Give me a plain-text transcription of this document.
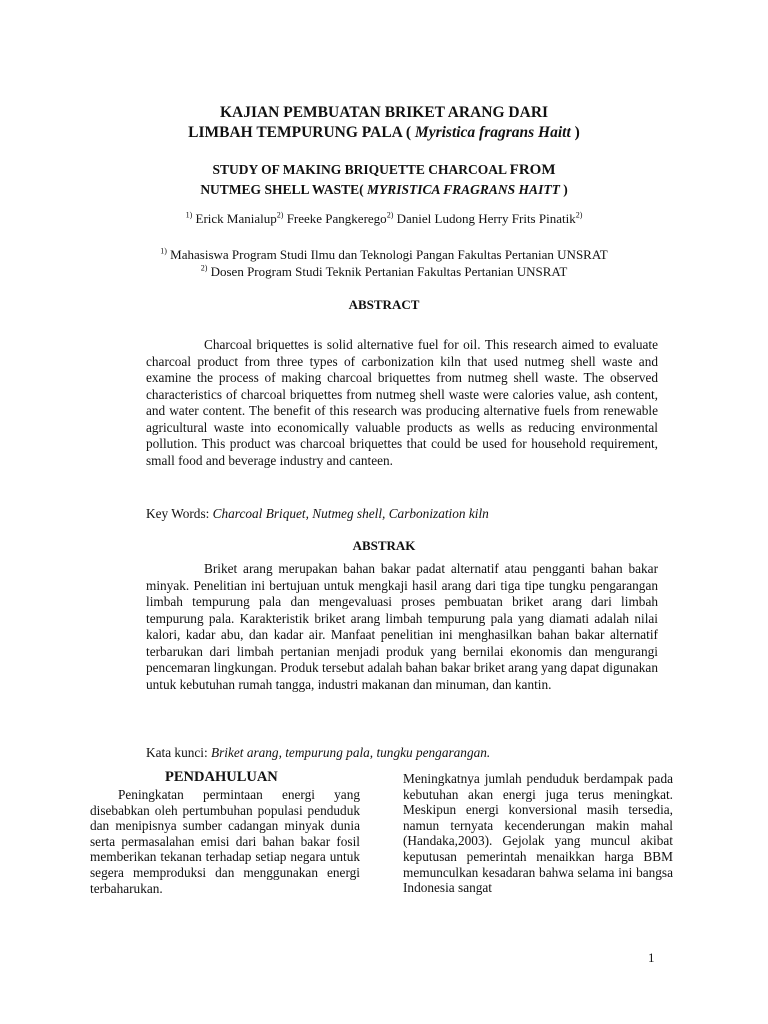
KAJIAN PEMBUATAN BRIKET ARANG DARI
LIMBAH TEMPURUNG PALA ( Myristica fragrans Haitt )
STUDY OF MAKING BRIQUETTE CHARCOAL FROM
NUTMEG SHELL WASTE( MYRISTICA FRAGRANS HAITT )
$^{1)}$ Erick Manialup$^{2)}$ Freeke Pangkerego$^{2)}$ Daniel Ludong Herry Frits Pinatik$^{2)}$
$^{1)}$ Mahasiswa Program Studi Ilmu dan Teknologi Pangan Fakultas Pertanian UNSRAT
$^{2)}$ Dosen Program Studi Teknik Pertanian Fakultas Pertanian UNSRAT
ABSTRACT

Charcoal briquettes is solid alternative fuel for oil. This research aimed to evaluate charcoal product from three types of carbonization kiln that used nutmeg shell waste and examine the process of making charcoal briquettes from nutmeg shell waste. The observed characteristics of charcoal briquettes from nutmeg shell waste were calories value, ash content, and water content. The benefit of this research was producing alternative fuels from renewable agricultural waste into economically valuable products as wells as reducing environmental pollution. This product was charcoal briquettes that could be used for household requirement, small food and beverage industry and canteen.

Key Words: Charcoal Briquet, Nutmeg shell, Carbonization kiln
ABSTRAK

Briket arang merupakan bahan bakar padat alternatif atau pengganti bahan bakar minyak. Penelitian ini bertujuan untuk mengkaji hasil arang dari tiga tipe tungku pengarangan limbah tempurung pala dan mengevaluasi proses pembuatan briket arang dari limbah tempurung pala. Karakteristik briket arang limbah tempurung pala yang diamati adalah nilai kalori, kadar abu, dan kadar air. Manfaat penelitian ini menghasilkan bahan bakar alternatif terbarukan dari limbah pertanian menjadi produk yang bernilai ekonomis dan mengurangi pencemaran lingkungan. Produk tersebut adalah bahan bakar briket arang yang dapat digunakan untuk kebutuhan rumah tangga, industri makanan dan minuman, dan kantin.

Kata kunci: Briket arang, tempurung pala, tungku pengarangan.
PENDAHULUAN

Peningkatan permintaan energi yang disebabkan oleh pertumbuhan populasi penduduk dan menipisnya sumber cadangan minyak dunia serta permasalahan emisi dari bahan bakar fosil memberikan tekanan terhadap setiap negara untuk segera memproduksi dan menggunakan energi terbaharukan.

Meningkatnya jumlah penduduk berdampak pada kebutuhan akan energi juga terus meningkat. Meskipun energi konversional masih tersedia, namun ternyata kecenderungan makin mahal (Handaka,2003). Gejolak yang muncul akibat keputusan pemerintah menaikkan harga BBM memunculkan kesadaran bahwa selama ini bangsa Indonesia sangat

1
